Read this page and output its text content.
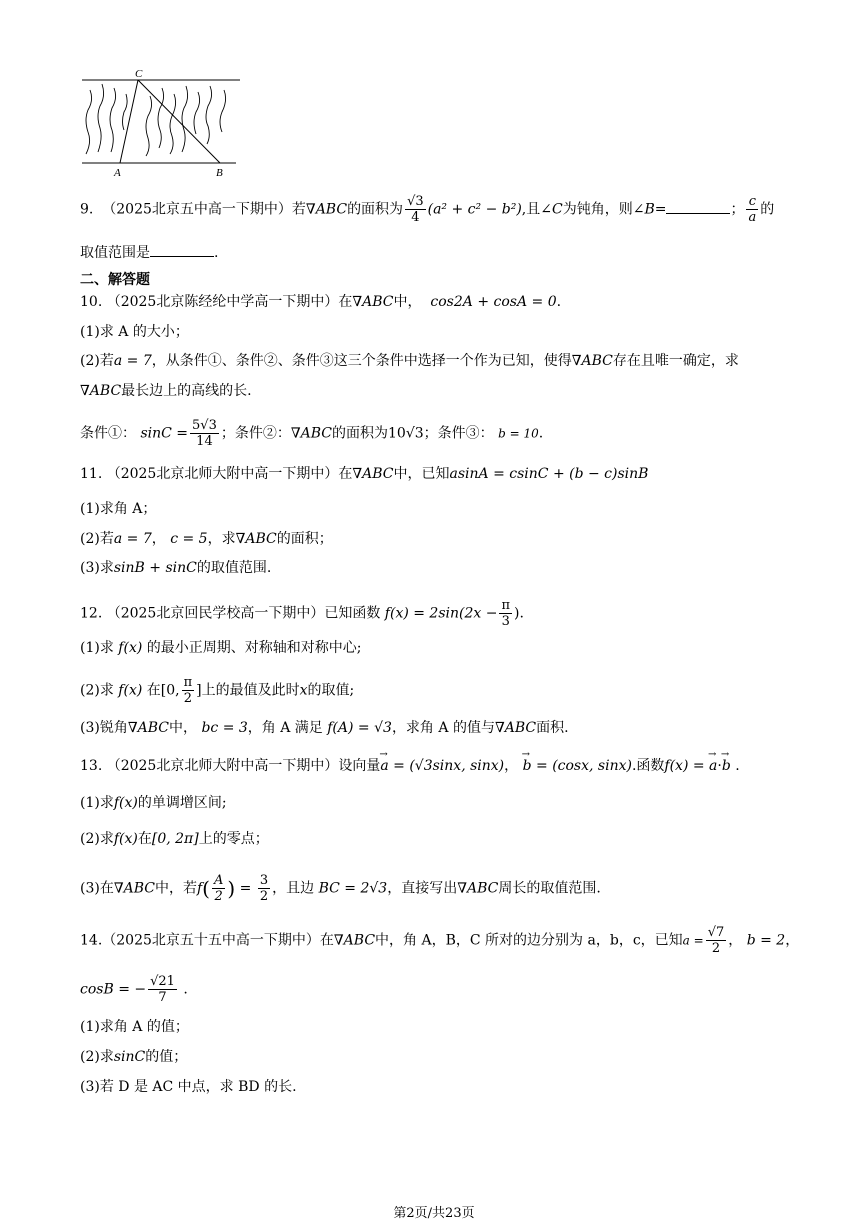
C
A	B
9. （2025北京五中高一下期中）若∇ABC的面积为 $\frac{√3}{4} (a^2 + c^2 - b^2)$,且∠C为钝角，则∠B=	； $\frac{c}{a}$ 的
取值范围是	.
二、解答题
10. （2025北京陈经纶中学高一下期中）在∇ABC中， cos2A + cosA = 0.
(1)求 A 的大小；
(2)若a = 7，从条件①、条件②、条件③这三个条件中选择一个作为已知，使得∇ABC存在且唯一确定，求
∇ABC最长边上的高线的长.
条件①： $\sin C = \frac{5√3}{14}$ ；条件②：∇ABC的面积为10√3；条件③： b = 10.
11. （2025北京北师大附中高一下期中）在∇ABC中，已知asinA = csinC + (b − c)sinB
(1)求角 A；
(2)若a = 7， c = 5，求∇ABC的面积；
(3)求sinB + sinC的取值范围.
12. （2025北京回民学校高一下期中）已知函数 $f(x) = 2\sin(2x - \frac{\pi}{3}$ ).
(1)求 f(x) 的最小正周期、对称轴和对称中心;
(2)求 f(x) 在[0, $\frac{\pi}{2}$ ]上的最值及此时x的取值;
(3)锐角∇ABC中， bc = 3，角 A 满足 f(A) = √3，求角 A 的值与∇ABC面积.
13. （2025北京北师大附中高一下期中）设向量→ a = (√3sinx, sinx)， → b = (cosx, sinx).函数f(x) = → a·→ b .
(1)求f(x)的单调增区间;
(2)求f(x)在[0, 2π]上的零点；
(3)在∇ABC中，若$f( \frac{A}{2}$ ) = $\frac{3}{2}$ ，且边 BC = 2√3，直接写出∇ABC周长的取值范围.
14.（2025北京五十五中高一下期中）在∇ABC中，角 A，B，C 所对的边分别为 a，b，c，已知$a = \frac{√7}{2}$ ， b = 2，
cosB = − $\frac{√21}{7}$ .
(1)求角 A 的值；
(2)求sinC的值；
(3)若 D 是 AC 中点，求 BD 的长.
第2页/共23页
